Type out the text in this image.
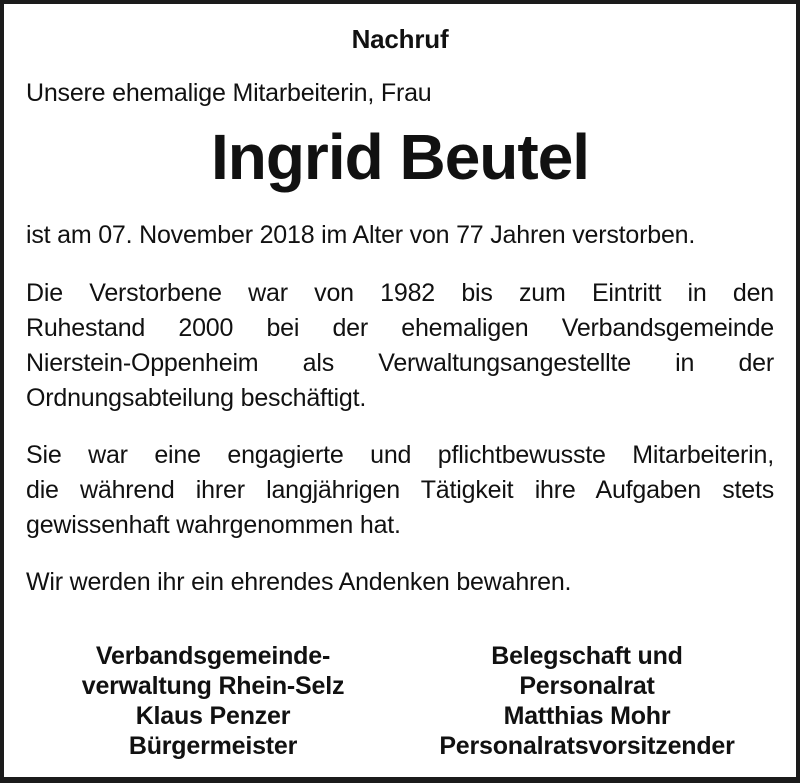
Nachruf

Unsere ehemalige Mitarbeiterin, Frau

Ingrid Beutel

ist am 07. November 2018 im Alter von 77 Jahren verstorben.

Die Verstorbene war von 1982 bis zum Eintritt in den
Ruhestand 2000 bei der ehemaligen Verbandsgemeinde
Nierstein-Oppenheim als Verwaltungsangestellte in der
Ordnungsabteilung beschäftigt.
Sie war eine engagierte und pflichtbewusste Mitarbeiterin,
die während ihrer langjährigen Tätigkeit ihre Aufgaben stets
gewissenhaft wahrgenommen hat.

Wir werden ihr ein ehrendes Andenken bewahren.

Verbandsgemeinde-
verwaltung Rhein-Selz
Klaus Penzer
Bürgermeister
Belegschaft und
Personalrat
Matthias Mohr
Personalratsvorsitzender
